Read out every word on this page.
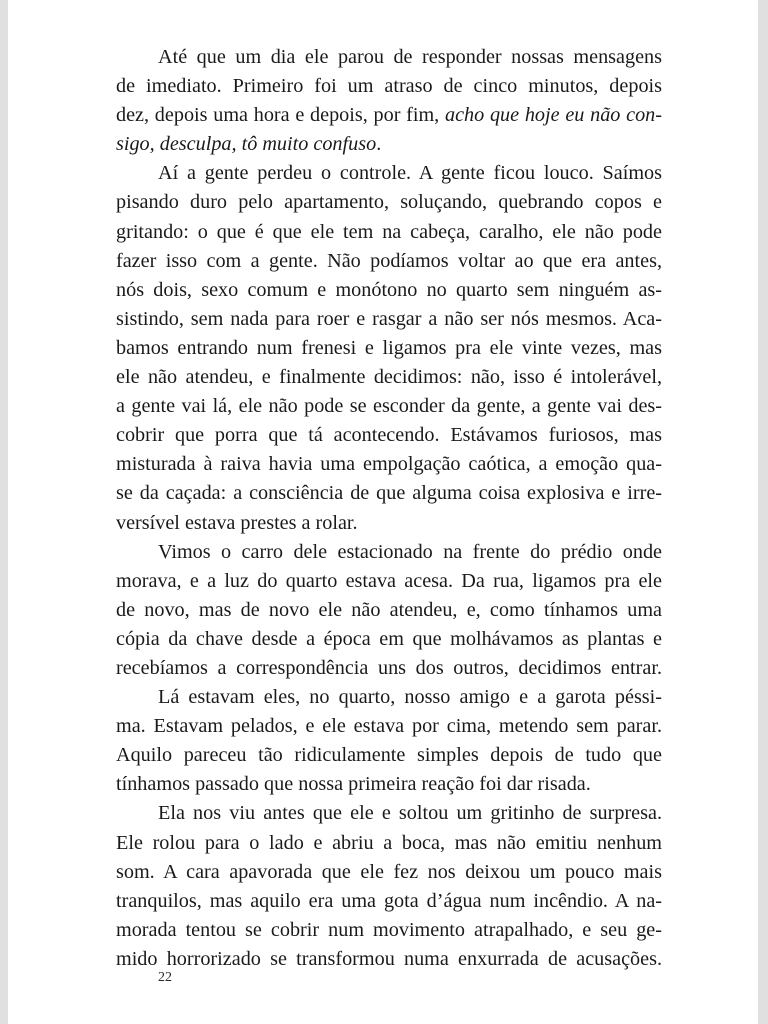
Até que um dia ele parou de responder nossas mensagens
de imediato. Primeiro foi um atraso de cinco minutos, depois
dez, depois uma hora e depois, por fim, acho que hoje eu não con-
sigo, desculpa, tô muito confuso.
Aí a gente perdeu o controle. A gente ficou louco. Saímos
pisando duro pelo apartamento, soluçando, quebrando copos e
gritando: o que é que ele tem na cabeça, caralho, ele não pode
fazer isso com a gente. Não podíamos voltar ao que era antes,
nós dois, sexo comum e monótono no quarto sem ninguém as-
sistindo, sem nada para roer e rasgar a não ser nós mesmos. Aca-
bamos entrando num frenesi e ligamos pra ele vinte vezes, mas
ele não atendeu, e finalmente decidimos: não, isso é intolerável,
a gente vai lá, ele não pode se esconder da gente, a gente vai des-
cobrir que porra que tá acontecendo. Estávamos furiosos, mas
misturada à raiva havia uma empolgação caótica, a emoção qua-
se da caçada: a consciência de que alguma coisa explosiva e irre-
versível estava prestes a rolar.
Vimos o carro dele estacionado na frente do prédio onde
morava, e a luz do quarto estava acesa. Da rua, ligamos pra ele
de novo, mas de novo ele não atendeu, e, como tínhamos uma
cópia da chave desde a época em que molhávamos as plantas e
recebíamos a correspondência uns dos outros, decidimos entrar.
Lá estavam eles, no quarto, nosso amigo e a garota péssi-
ma. Estavam pelados, e ele estava por cima, metendo sem parar.
Aquilo pareceu tão ridiculamente simples depois de tudo que
tínhamos passado que nossa primeira reação foi dar risada.
Ela nos viu antes que ele e soltou um gritinho de surpresa.
Ele rolou para o lado e abriu a boca, mas não emitiu nenhum
som. A cara apavorada que ele fez nos deixou um pouco mais
tranquilos, mas aquilo era uma gota d’água num incêndio. A na-
morada tentou se cobrir num movimento atrapalhado, e seu ge-
mido horrorizado se transformou numa enxurrada de acusações.
22
